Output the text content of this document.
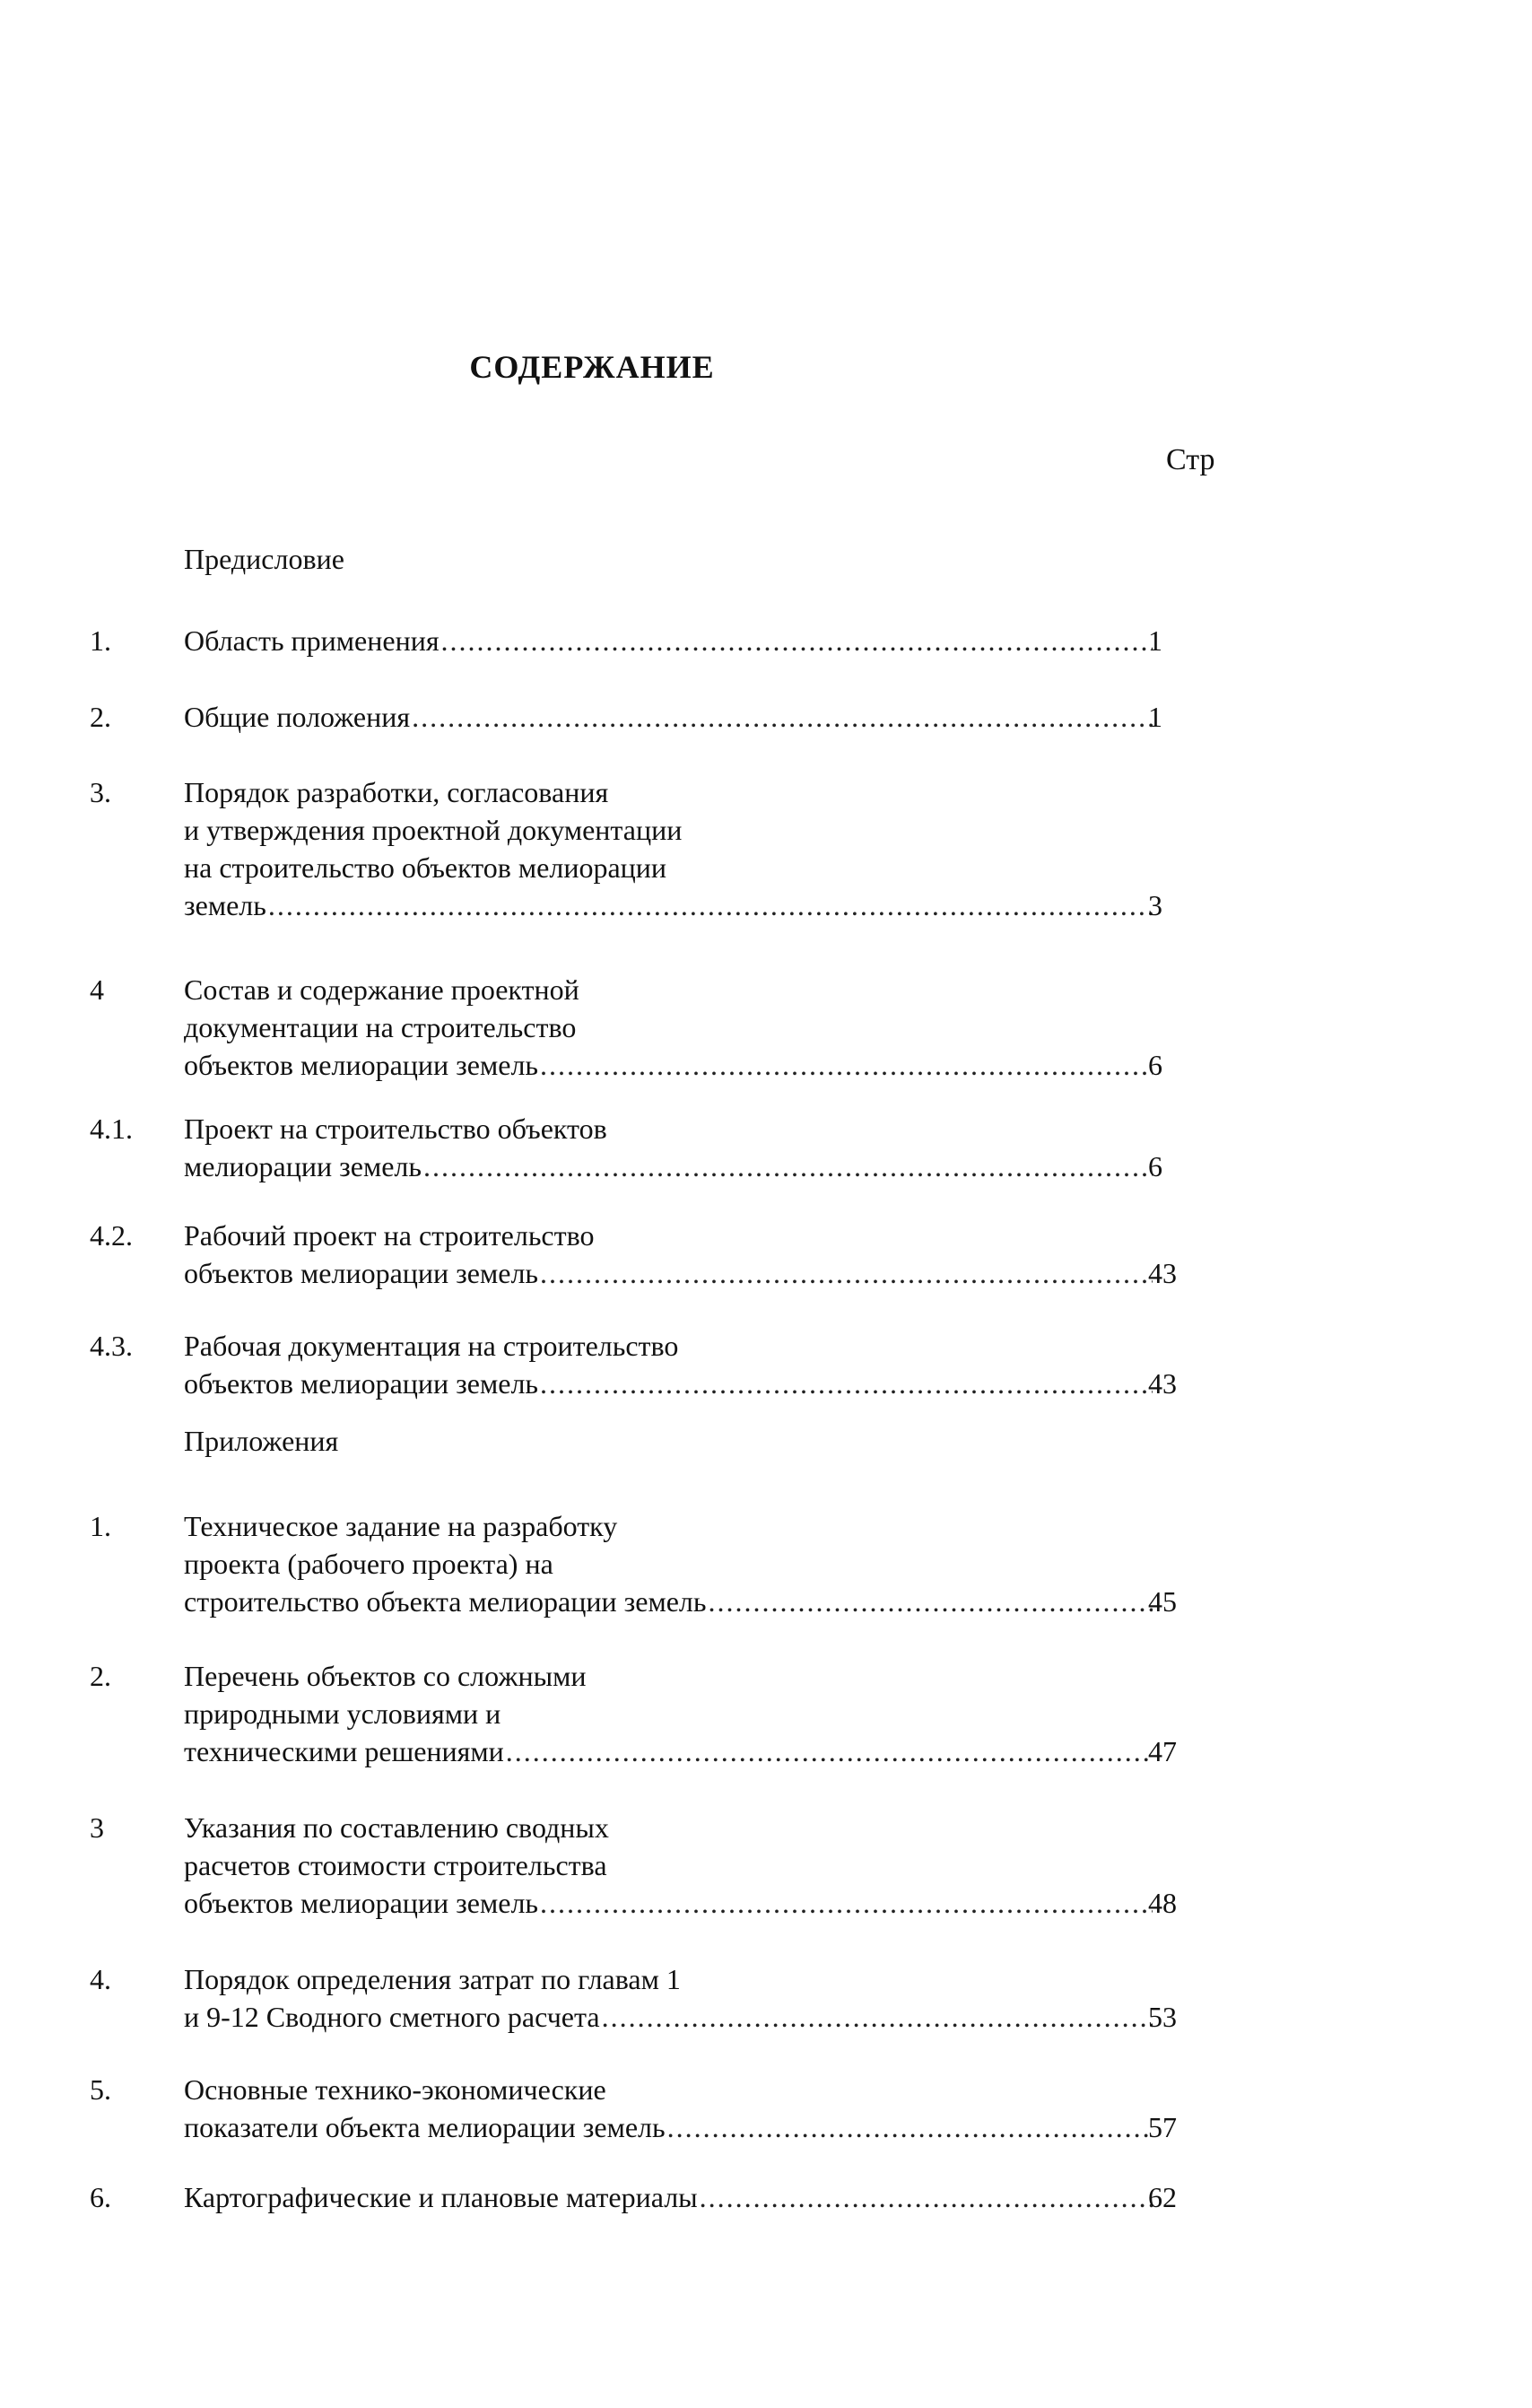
СОДЕРЖАНИЕ
Стр
Предисловие
1.	Область применения .....	1
2.	Общие положения .....	1
3.	Порядок разработки, согласования
и утверждения проектной документации
на строительство объектов мелиорации
земель .....	3
4	Состав и содержание проектной
документации на строительство
объектов мелиорации земель .....	6
4.1. Проект на строительство объектов
мелиорации земель .....	6
4.2. Рабочий проект на строительство
объектов мелиорации земель .....	43
4.3. Рабочая документация на строительство
объектов мелиорации земель .....	43
Приложения
1.	Техническое задание на разработку
проекта (рабочего проекта) на
строительство объекта мелиорации земель .....	45
2.	Перечень объектов со сложными
природными условиями и
техническими решениями .....	47
3	Указания по составлению сводных
расчетов стоимости строительства
объектов мелиорации земель .....	48
4.	Порядок определения затрат по главам 1
и 9-12 Сводного сметного расчета .....	53
5.	Основные технико-экономические
показатели объекта мелиорации земель .....	57
6.	Картографические и плановые материалы .....	62
